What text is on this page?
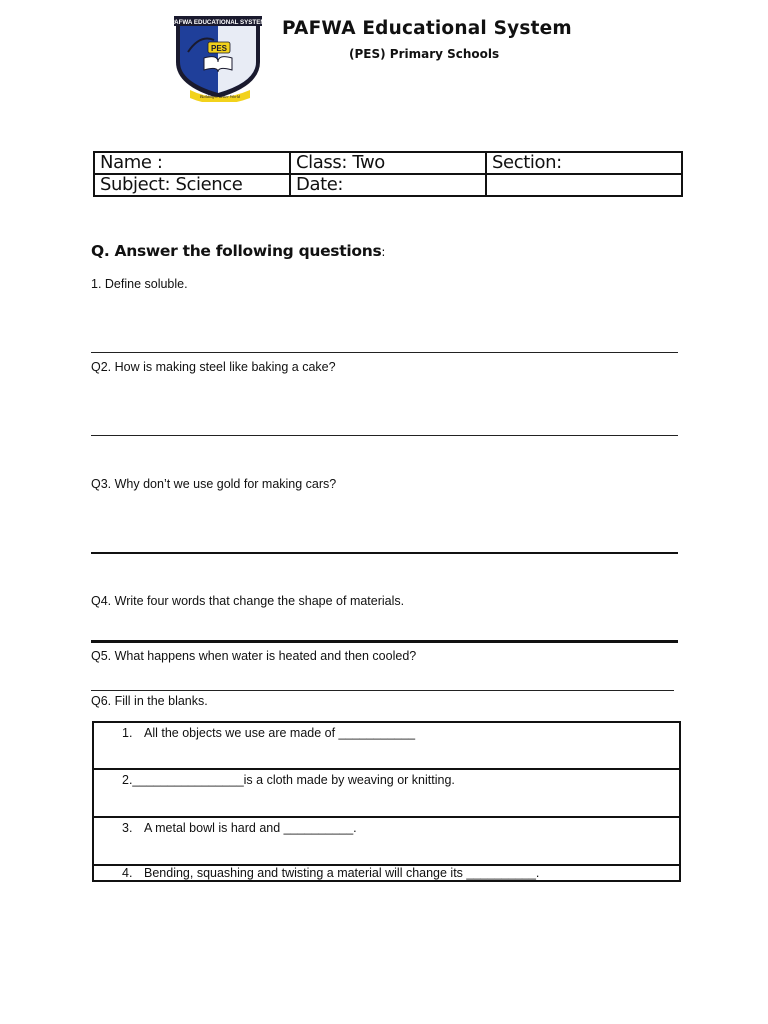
PAFWA EDUCATIONAL SYSTEM
PES
Building a Better World
PAFWA Educational System
(PES) Primary Schools
Name :	Class: Two	Section:
Subject: Science	Date:	
Q. Answer the following questions:
1. Define soluble.
Q2. How is making steel like baking a cake?
Q3. Why don’t we use gold for making cars?
Q4. Write four words that change the shape of materials.
Q5. What happens when water is heated and then cooled?
Q6. Fill in the blanks.
1. All the objects we use are made of ___________
2.________________is a cloth made by weaving or knitting.
3. A metal bowl is hard and __________.
4. Bending, squashing and twisting a material will change its __________.
